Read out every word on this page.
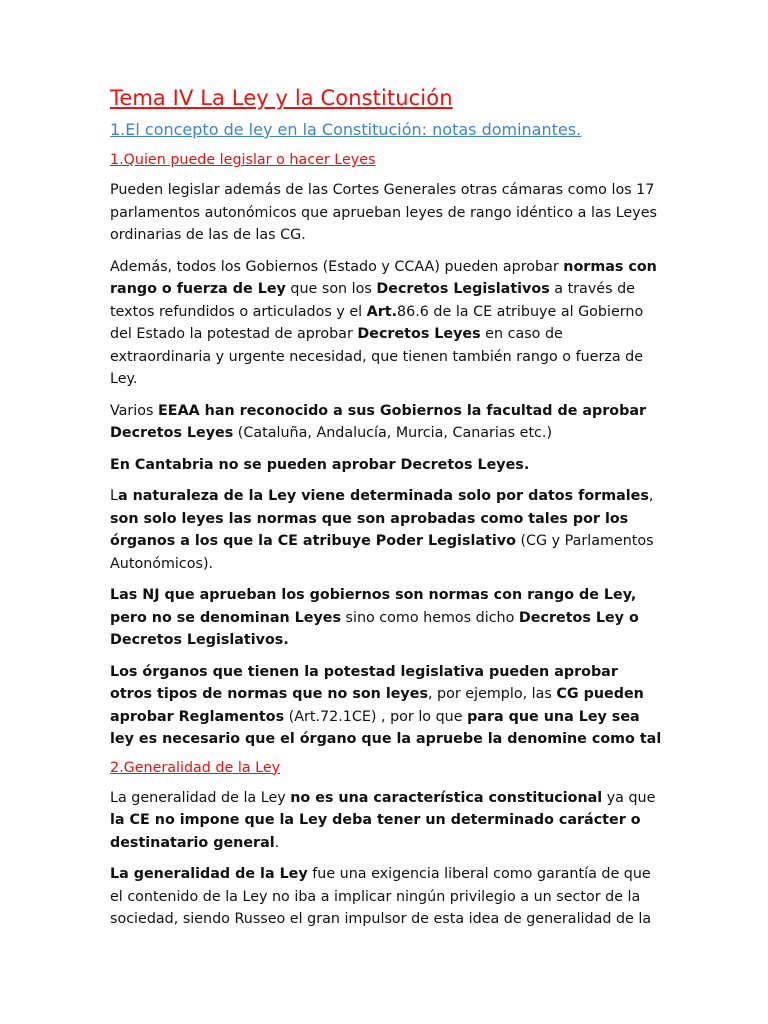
Tema IV La Ley y la Constitución
1.El concepto de ley en la Constitución: notas dominantes.
1.Quien puede legislar o hacer Leyes

Pueden legislar además de las Cortes Generales otras cámaras como los 17 parlamentos autonómicos que aprueban leyes de rango idéntico a las Leyes ordinarias de las de las CG.

Además, todos los Gobiernos (Estado y CCAA) pueden aprobar normas con rango o fuerza de Ley que son los Decretos Legislativos a través de textos refundidos o articulados y el Art.86.6 de la CE atribuye al Gobierno del Estado la potestad de aprobar Decretos Leyes en caso de extraordinaria y urgente necesidad, que tienen también rango o fuerza de Ley.

Varios EEAA han reconocido a sus Gobiernos la facultad de aprobar Decretos Leyes (Cataluña, Andalucía, Murcia, Canarias etc.)

En Cantabria no se pueden aprobar Decretos Leyes.

La naturaleza de la Ley viene determinada solo por datos formales, son solo leyes las normas que son aprobadas como tales por los órganos a los que la CE atribuye Poder Legislativo (CG y Parlamentos Autonómicos).

Las NJ que aprueban los gobiernos son normas con rango de Ley, pero no se denominan Leyes sino como hemos dicho Decretos Ley o Decretos Legislativos.

Los órganos que tienen la potestad legislativa pueden aprobar otros tipos de normas que no son leyes, por ejemplo, las CG pueden aprobar Reglamentos (Art.72.1CE) , por lo que para que una Ley sea ley es necesario que el órgano que la apruebe la denomine como tal

2.Generalidad de la Ley

La generalidad de la Ley no es una característica constitucional ya que la CE no impone que la Ley deba tener un determinado carácter o destinatario general.

La generalidad de la Ley fue una exigencia liberal como garantía de que el contenido de la Ley no iba a implicar ningún privilegio a un sector de la sociedad, siendo Russeo el gran impulsor de esta idea de generalidad de la
